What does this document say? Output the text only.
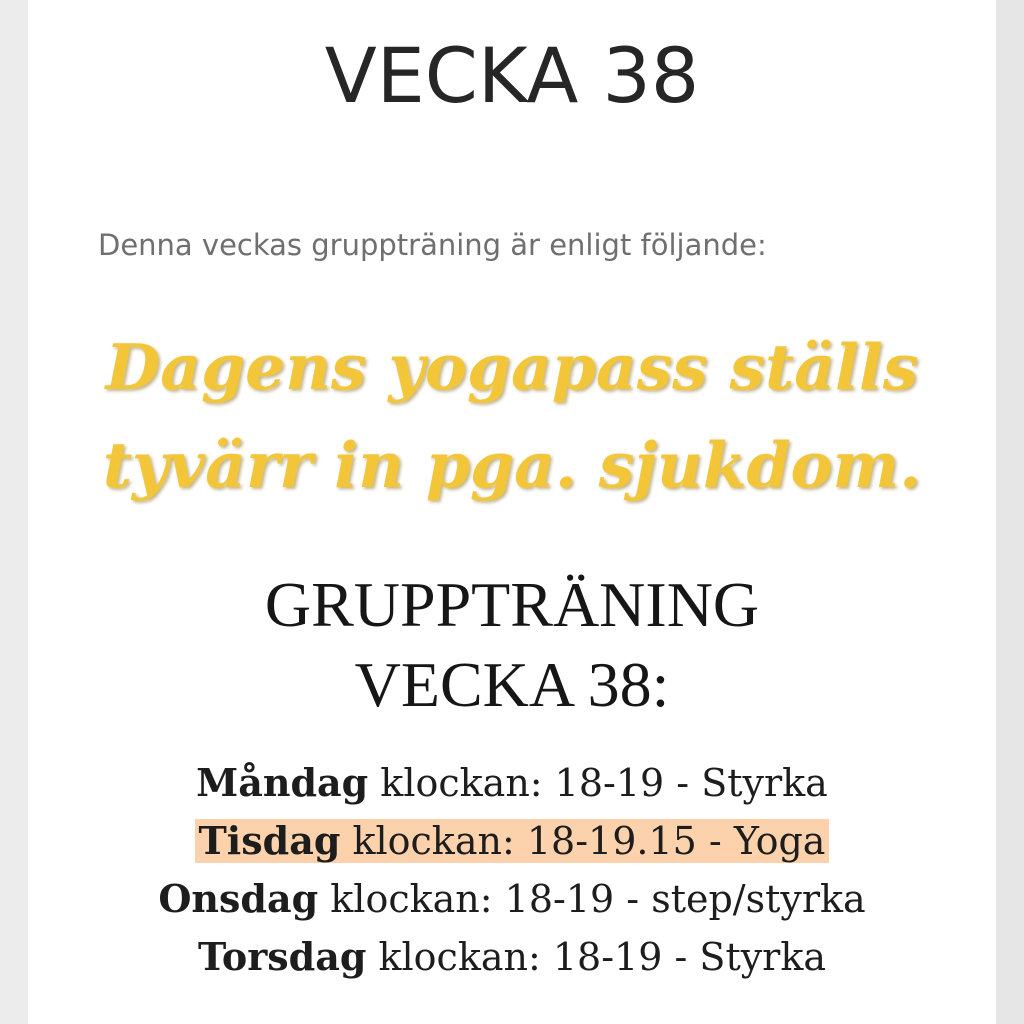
VECKA 38

Denna veckas gruppträning är enligt följande:

Dagens yogapass ställs
tyvärr in pga. sjukdom.
GRUPPTRÄNING
VECKA 38:
Måndag klockan: 18-19 - Styrka
Tisdag klockan: 18-19.15 - Yoga
Onsdag klockan: 18-19 - step/styrka
Torsdag klockan: 18-19 - Styrka
